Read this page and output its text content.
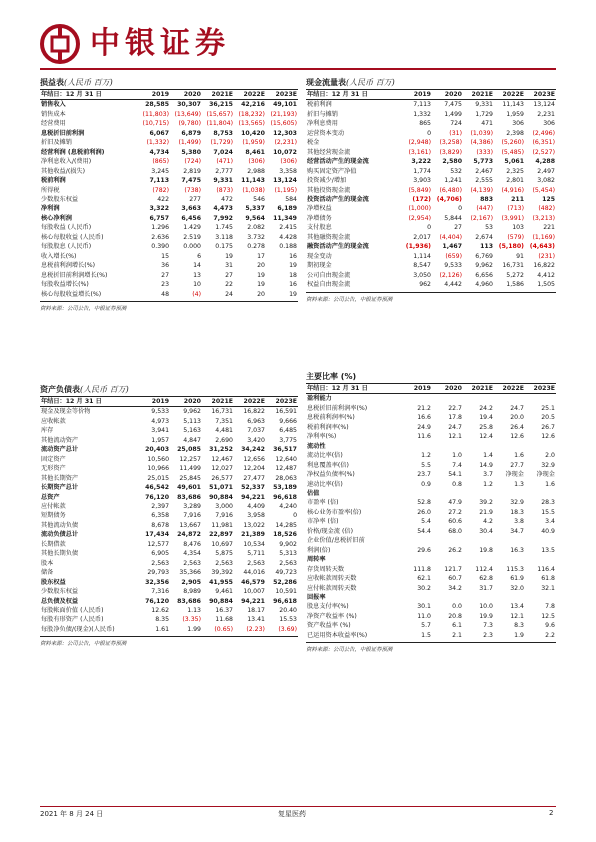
中银证券
损益表(人民币 百万)
年结日：12 月 31 日	2019	2020	2021E	2022E	2023E
销售收入	28,585	30,307	36,215	42,216	49,101
销售成本	(11,803)	(13,649)	(15,657)	(18,232)	(21,193)
经营费用	(10,715)	(9,780)	(11,804)	(13,565)	(15,605)
息税折旧前利润	6,067	6,879	8,753	10,420	12,303
折旧及摊销	(1,332)	(1,499)	(1,729)	(1,959)	(2,231)
经营利润 (息税前利润)	4,734	5,380	7,024	8,461	10,072
净利息收入/(费用)	(865)	(724)	(471)	(306)	(306)
其他收益/(损失)	3,245	2,819	2,777	2,988	3,358
税前利润	7,113	7,475	9,331	11,143	13,124
所得税	(782)	(738)	(873)	(1,038)	(1,195)
少数股东权益	422	277	472	546	584
净利润	3,322	3,663	4,473	5,337	6,189
核心净利润	6,757	6,456	7,992	9,564	11,349
每股收益 (人民币)	1.296	1.429	1.745	2.082	2.415
核心每股收益 (人民币)	2.636	2.519	3.118	3.732	4.428
每股股息 (人民币)	0.390	0.000	0.175	0.278	0.188
收入增长(%)	15	6	19	17	16
息税前利润增长(%)	36	14	31	20	19
息税折旧前利润增长(%)	27	13	27	19	18
每股收益增长(%)	23	10	22	19	16
核心每股收益增长(%)	48	(4)	24	20	19
资料来源：公司公告，中银证券预测
资产负债表(人民币 百万)
年结日：12 月 31 日	2019	2020	2021E	2022E	2023E
现金及现金等价物	9,533	9,962	16,731	16,822	16,591
应收帐款	4,973	5,113	7,351	6,963	9,666
库存	3,941	5,163	4,481	7,037	6,485
其他流动资产	1,957	4,847	2,690	3,420	3,775
流动资产总计	20,403	25,085	31,252	34,242	36,517
固定资产	10,560	12,257	12,467	12,656	12,640
无形资产	10,966	11,499	12,027	12,204	12,487
其他长期资产	25,015	25,845	26,577	27,477	28,063
长期资产总计	46,542	49,601	51,071	52,337	53,189
总资产	76,120	83,686	90,884	94,221	96,618
应付帐款	2,397	3,289	3,000	4,409	4,240
短期债务	6,358	7,916	7,916	3,958	0
其他流动负债	8,678	13,667	11,981	13,022	14,285
流动负债总计	17,434	24,872	22,897	21,389	18,526
长期借款	12,577	8,476	10,697	10,534	9,902
其他长期负债	6,905	4,354	5,875	5,711	5,313
股本	2,563	2,563	2,563	2,563	2,563
储备	29,793	35,366	39,392	44,016	49,723
股东权益	32,356	2,905	41,955	46,579	52,286
少数股东权益	7,316	8,989	9,461	10,007	10,591
总负债及权益	76,120	83,686	90,884	94,221	96,618
每股帐面价值 (人民币)	12.62	1.13	16.37	18.17	20.40
每股有形资产 (人民币)	8.35	(3.35)	11.68	13.41	15.53
每股净负债/(现金)(人民币)	1.61	1.99	(0.65)	(2.23)	(3.69)
资料来源：公司公告，中银证券预测
现金流量表(人民币 百万)
年结日：12 月 31 日	2019	2020	2021E	2022E	2023E
税前利润	7,113	7,475	9,331	11,143	13,124
折旧与摊销	1,332	1,499	1,729	1,959	2,231
净利息费用	865	724	471	306	306
运营资本变动	0	(31)	(1,039)	2,398	(2,496)
税金	(2,948)	(3,258)	(4,386)	(5,260)	(6,351)
其他经营现金流	(3,161)	(3,829)	(333)	(5,485)	(2,527)
经营活动产生的现金流	3,222	2,580	5,773	5,061	4,288
购买固定资产净值	1,774	532	2,467	2,325	2,497
投资减少/增加	3,903	1,241	2,555	2,801	3,082
其他投资现金流	(5,849)	(6,480)	(4,139)	(4,916)	(5,454)
投资活动产生的现金流	(172)	(4,706)	883	211	125
净增权益	(1,000)	0	(447)	(713)	(482)
净增债务	(2,954)	5,844	(2,167)	(3,991)	(3,213)
支付股息	0	27	53	103	221
其他融资现金流	2,017	(4,404)	2,674	(579)	(1,169)
融资活动产生的现金流	(1,936)	1,467	113	(5,180)	(4,643)
现金变动	1,114	(659)	6,769	91	(231)
期初现金	8,547	9,533	9,962	16,731	16,822
公司自由现金流	3,050	(2,126)	6,656	5,272	4,412
权益自由现金流	962	4,442	4,960	1,586	1,505
资料来源：公司公告，中银证券预测
主要比率 (%)
年结日：12 月 31 日	2019	2020	2021E	2022E	2023E
盈利能力					
息税折旧前利润率(%)	21.2	22.7	24.2	24.7	25.1
息税前利润率(%)	16.6	17.8	19.4	20.0	20.5
税前利润率(%)	24.9	24.7	25.8	26.4	26.7
净利率(%)	11.6	12.1	12.4	12.6	12.6
流动性					
流动比率(倍)	1.2	1.0	1.4	1.6	2.0
利息覆盖率(倍)	5.5	7.4	14.9	27.7	32.9
净权益负债率(%)	23.7	54.1	3.7	净现金	净现金
速动比率(倍)	0.9	0.8	1.2	1.3	1.6
估值					
市盈率 (倍)	52.8	47.9	39.2	32.9	28.3
核心业务市盈率(倍)	26.0	27.2	21.9	18.3	15.5
市净率 (倍)	5.4	60.6	4.2	3.8	3.4
价格/现金流 (倍)	54.4	68.0	30.4	34.7	40.9
企业价值/息税折旧前					
利润(倍)	29.6	26.2	19.8	16.3	13.5
周转率					
存货周转天数	111.8	121.7	112.4	115.3	116.4
应收帐款周转天数	62.1	60.7	62.8	61.9	61.8
应付帐款周转天数	30.2	34.2	31.7	32.0	32.1
回报率					
股息支付率(%)	30.1	0.0	10.0	13.4	7.8
净资产收益率 (%)	11.0	20.8	19.9	12.1	12.5
资产收益率 (%)	5.7	6.1	7.3	8.3	9.6
已运用资本收益率(%)	1.5	2.1	2.3	1.9	2.2
资料来源：公司公告，中银证券预测
2021 年 8 月 24 日	复星医药	2
